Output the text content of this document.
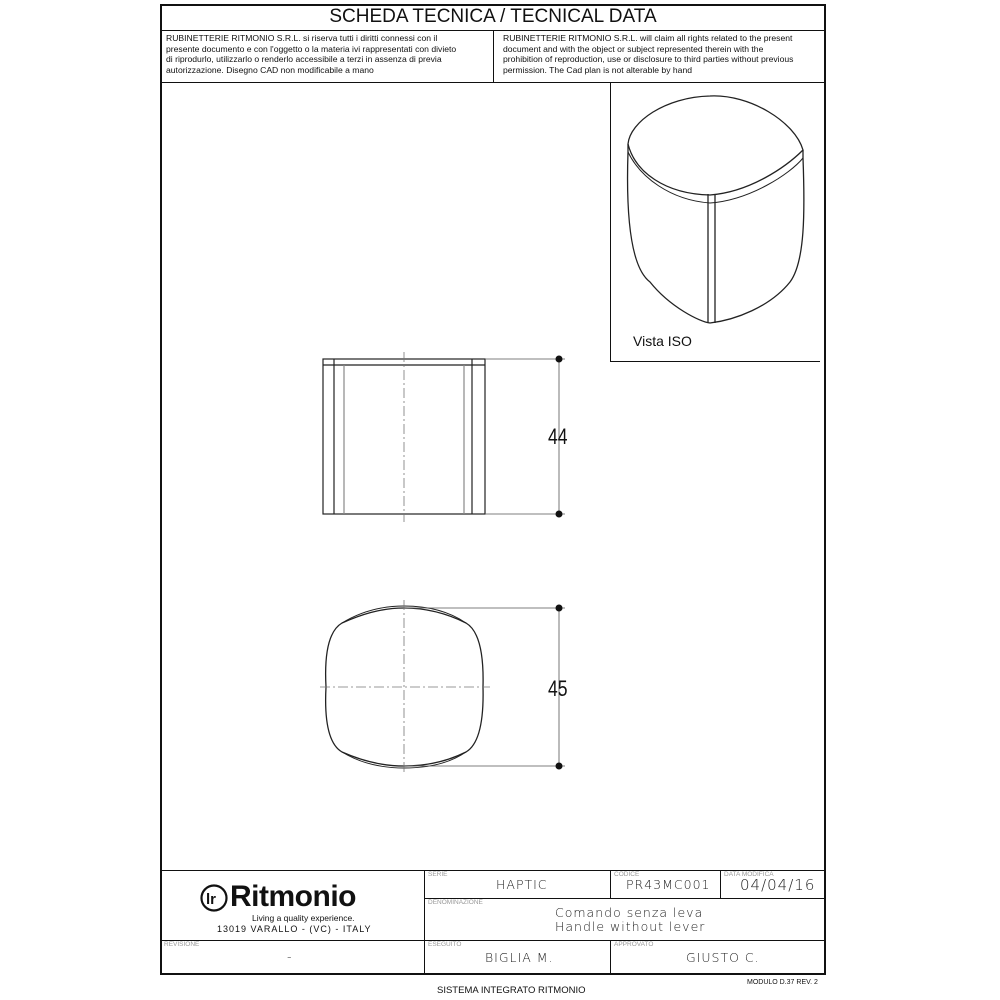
SCHEDA TECNICA / TECNICAL DATA
RUBINETTERIE RITMONIO S.R.L. si riserva tutti i diritti connessi con il
presente documento e con l'oggetto o la materia ivi rappresentati con divieto
di riprodurlo, utilizzarlo o renderlo accessibile a terzi in assenza di previa
autorizzazione. Disegno CAD non modificabile a mano
RUBINETTERIE RITMONIO S.R.L. will claim all rights related to the present
document and with the object or subject represented therein with the
prohibition of reproduction, use or disclosure to third parties without previous
permission. The Cad plan is not alterable by hand
Vista ISO
44
45
lr Ritmonio
Living a quality experience.
13019 VARALLO - (VC) - ITALY
SERIE
HAPTIC
CODICE
PR43MC001
DATA MODIFICA
04/04/16
DENOMINAZIONE
Comando senza leva
Handle without lever
REVISIONE
-
ESEGUITO
BIGLIA M.
APPROVATO
GIUSTO C.
SISTEMA INTEGRATO RITMONIO
MODULO D.37 REV. 2
